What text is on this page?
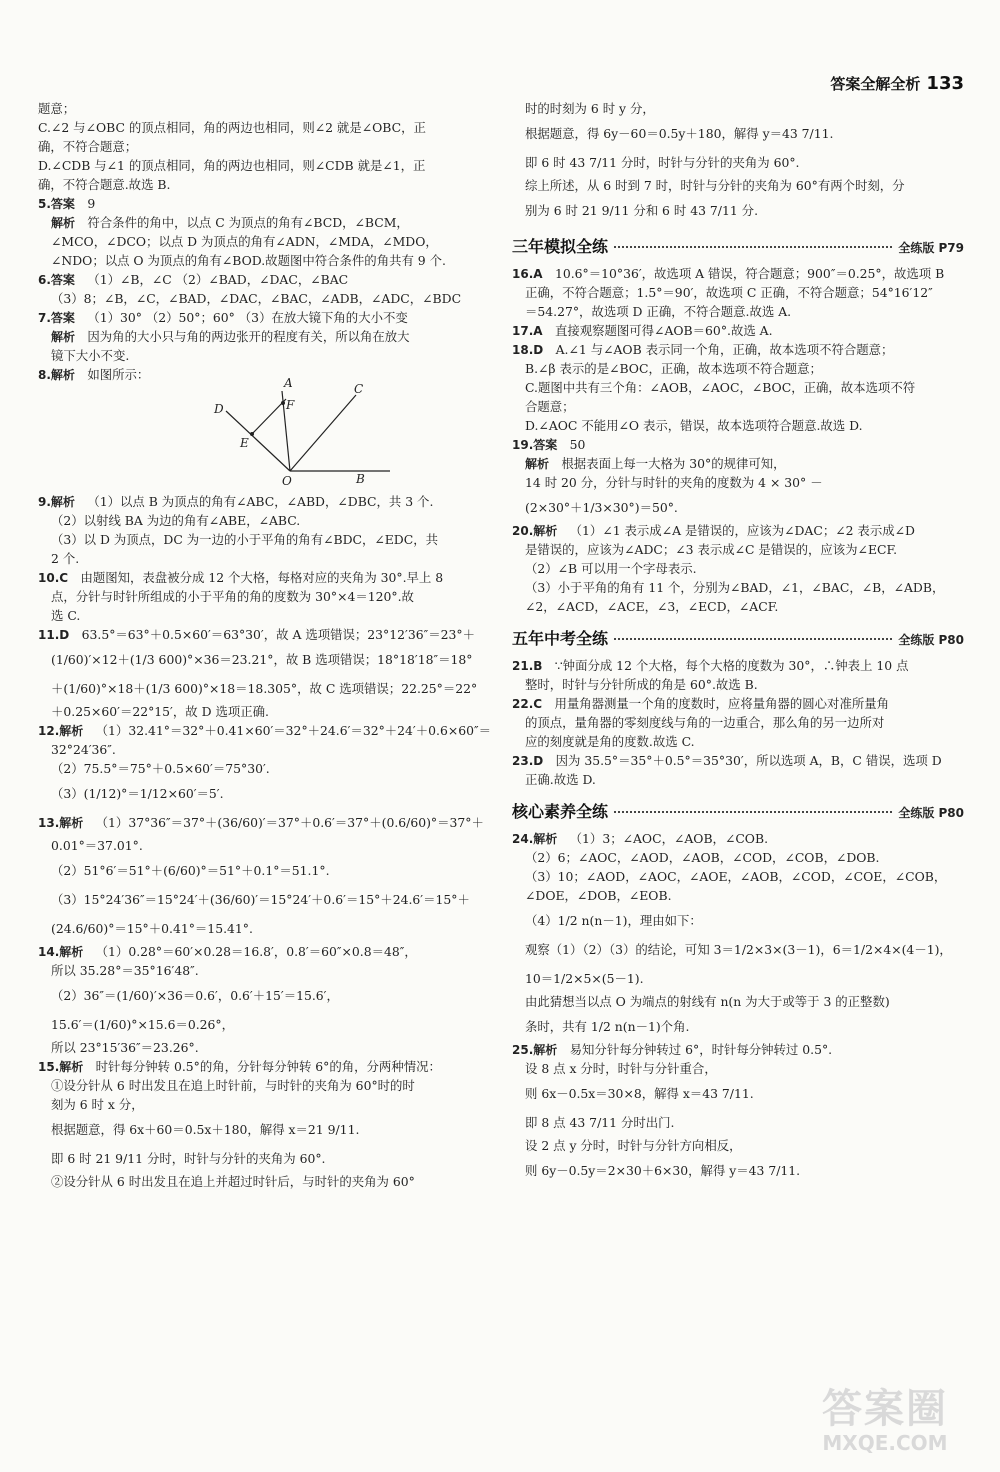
答案全解全析 133

题意；

C.∠2 与∠OBC 的顶点相同，角的两边也相同，则∠2 就是∠OBC，正

确，不符合题意；

D.∠CDB 与∠1 的顶点相同，角的两边也相同，则∠CDB 就是∠1，正

确，不符合题意.故选 B.

5.答案  9

解析  符合条件的角中，以点 C 为顶点的角有∠BCD，∠BCM，

∠MCO，∠DCO；以点 D 为顶点的角有∠ADN，∠MDA，∠MDO，

∠NDO；以点 O 为顶点的角有∠BOD.故题图中符合条件的角共有 9 个.

6.答案  （1）∠B，∠C （2）∠BAD，∠DAC，∠BAC

（3）8；∠B，∠C，∠BAD，∠DAC，∠BAC，∠ADB，∠ADC，∠BDC

7.答案  （1）30° （2）50°；60° （3）在放大镜下角的大小不变

解析  因为角的大小只与角的两边张开的程度有关，所以角在放大

镜下大小不变.

8.解析  如图所示：

A
B
C
D
E
F
O

9.解析  （1）以点 B 为顶点的角有∠ABC，∠ABD，∠DBC，共 3 个.

（2）以射线 BA 为边的角有∠ABE，∠ABC.

（3）以 D 为顶点，DC 为一边的小于平角的角有∠BDC，∠EDC，共

2 个.

10.C  由题图知，表盘被分成 12 个大格，每格对应的夹角为 30°.早上 8

点，分针与时针所组成的小于平角的角的度数为 30°×4＝120°.故

选 C.

11.D  63.5°＝63°＋0.5×60′＝63°30′，故 A 选项错误；23°12′36″＝23°＋

(1/60)′×12＋(1/3 600)°×36＝23.21°，故 B 选项错误；18°18′18″＝18°

＋(1/60)°×18＋(1/3 600)°×18＝18.305°，故 C 选项错误；22.25°＝22°

＋0.25×60′＝22°15′，故 D 选项正确.

12.解析  （1）32.41°＝32°＋0.41×60′＝32°＋24.6′＝32°＋24′＋0.6×60″＝

32°24′36″.

（2）75.5°＝75°＋0.5×60′＝75°30′.

（3）(1/12)°＝1/12×60′＝5′.

13.解析  （1）37°36″＝37°＋(36/60)′＝37°＋0.6′＝37°＋(0.6/60)°＝37°＋

0.01°＝37.01°.

（2）51°6′＝51°＋(6/60)°＝51°＋0.1°＝51.1°.

（3）15°24′36″＝15°24′＋(36/60)′＝15°24′＋0.6′＝15°＋24.6′＝15°＋

(24.6/60)°＝15°＋0.41°＝15.41°.

14.解析  （1）0.28°＝60′×0.28＝16.8′，0.8′＝60″×0.8＝48″，

所以 35.28°＝35°16′48″.

（2）36″＝(1/60)′×36＝0.6′，0.6′＋15′＝15.6′，

15.6′＝(1/60)°×15.6＝0.26°，

所以 23°15′36″＝23.26°.

15.解析  时针每分钟转 0.5°的角，分针每分钟转 6°的角，分两种情况：

①设分针从 6 时出发且在追上时针前，与时针的夹角为 60°时的时

刻为 6 时 x 分，

根据题意，得 6x＋60＝0.5x＋180，解得 x＝21 9/11.

即 6 时 21 9/11 分时，时针与分针的夹角为 60°.

②设分针从 6 时出发且在追上并超过时针后，与时针的夹角为 60°

时的时刻为 6 时 y 分，

根据题意，得 6y－60＝0.5y＋180，解得 y＝43 7/11.

即 6 时 43 7/11 分时，时针与分针的夹角为 60°.

综上所述，从 6 时到 7 时，时针与分针的夹角为 60°有两个时刻，分

别为 6 时 21 9/11 分和 6 时 43 7/11 分.

三年模拟全练	全练版 P79

16.A  10.6°＝10°36′，故选项 A 错误，符合题意；900″＝0.25°，故选项 B

正确，不符合题意；1.5°＝90′，故选项 C 正确，不符合题意；54°16′12″

＝54.27°，故选项 D 正确，不符合题意.故选 A.

17.A  直接观察题图可得∠AOB＝60°.故选 A.

18.D  A.∠1 与∠AOB 表示同一个角，正确，故本选项不符合题意；

B.∠β 表示的是∠BOC，正确，故本选项不符合题意；

C.题图中共有三个角：∠AOB，∠AOC，∠BOC，正确，故本选项不符

合题意；

D.∠AOC 不能用∠O 表示，错误，故本选项符合题意.故选 D.

19.答案  50

解析  根据表面上每一大格为 30°的规律可知，

14 时 20 分，分针与时针的夹角的度数为 4 × 30° －

(2×30°＋1/3×30°)＝50°.

20.解析  （1）∠1 表示成∠A 是错误的，应该为∠DAC；∠2 表示成∠D

是错误的，应该为∠ADC；∠3 表示成∠C 是错误的，应该为∠ECF.

（2）∠B 可以用一个字母表示.

（3）小于平角的角有 11 个，分别为∠BAD，∠1，∠BAC，∠B，∠ADB，

∠2，∠ACD，∠ACE，∠3，∠ECD，∠ACF.

五年中考全练	全练版 P80

21.B  ∵钟面分成 12 个大格，每个大格的度数为 30°，∴钟表上 10 点

整时，时针与分针所成的角是 60°.故选 B.

22.C  用量角器测量一个角的度数时，应将量角器的圆心对准所量角

的顶点，量角器的零刻度线与角的一边重合，那么角的另一边所对

应的刻度就是角的度数.故选 C.

23.D  因为 35.5°＝35°＋0.5°＝35°30′，所以选项 A，B，C 错误，选项 D

正确.故选 D.

核心素养全练	全练版 P80

24.解析  （1）3；∠AOC，∠AOB，∠COB.

（2）6；∠AOC，∠AOD，∠AOB，∠COD，∠COB，∠DOB.

（3）10；∠AOD，∠AOC，∠AOE，∠AOB，∠COD，∠COE，∠COB，

∠DOE，∠DOB，∠EOB.

（4）1/2 n(n－1)，理由如下：

观察（1）（2）（3）的结论，可知 3＝1/2×3×(3－1)，6＝1/2×4×(4－1)，

10＝1/2×5×(5－1).

由此猜想当以点 O 为端点的射线有 n(n 为大于或等于 3 的正整数)

条时，共有 1/2 n(n－1)个角.

25.解析  易知分针每分钟转过 6°，时针每分钟转过 0.5°.

设 8 点 x 分时，时针与分针重合，

则 6x－0.5x＝30×8，解得 x＝43 7/11.

即 8 点 43 7/11 分时出门.

设 2 点 y 分时，时针与分针方向相反，

则 6y－0.5y＝2×30＋6×30，解得 y＝43 7/11.

答案圈
MXQE.COM
